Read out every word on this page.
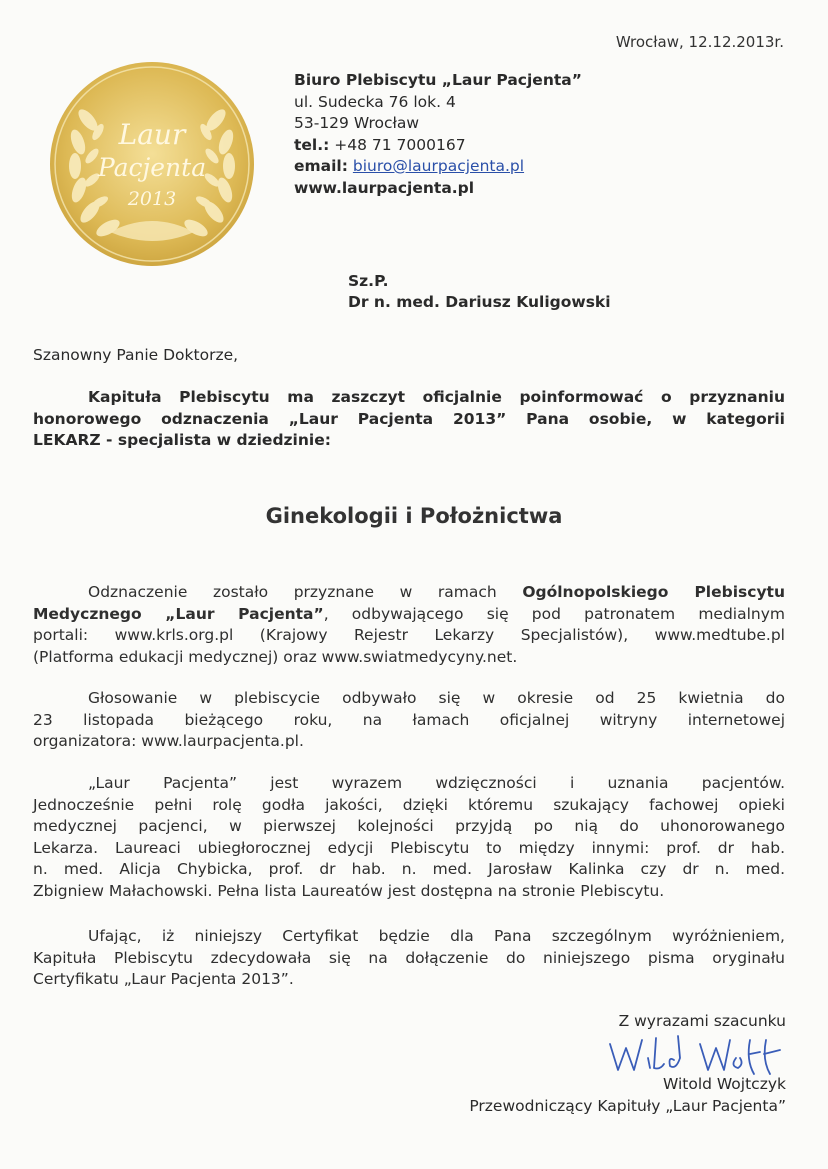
Wrocław, 12.12.2013r.
Laur
Pacjenta
2013
Biuro Plebiscytu „Laur Pacjenta”
ul. Sudecka 76 lok. 4
53-129 Wrocław
tel.: +48 71 7000167
email: biuro@laurpacjenta.pl
www.laurpacjenta.pl
Sz.P.
Dr n. med. Dariusz Kuligowski
Szanowny Panie Doktorze,
Kapituła Plebiscytu ma zaszczyt oficjalnie poinformować o przyznaniu
honorowego odznaczenia „Laur Pacjenta 2013” Pana osobie, w kategorii
LEKARZ - specjalista w dziedzinie:
Ginekologii i Położnictwa
Odznaczenie zostało przyznane w ramach Ogólnopolskiego Plebiscytu
Medycznego „Laur Pacjenta”, odbywającego się pod patronatem medialnym
portali: www.krls.org.pl (Krajowy Rejestr Lekarzy Specjalistów), www.medtube.pl
(Platforma edukacji medycznej) oraz www.swiatmedycyny.net.
Głosowanie w plebiscycie odbywało się w okresie od 25 kwietnia do
23 listopada bieżącego roku, na łamach oficjalnej witryny internetowej
organizatora: www.laurpacjenta.pl.
„Laur Pacjenta” jest wyrazem wdzięczności i uznania pacjentów.
Jednocześnie pełni rolę godła jakości, dzięki któremu szukający fachowej opieki
medycznej pacjenci, w pierwszej kolejności przyjdą po nią do uhonorowanego
Lekarza. Laureaci ubiegłorocznej edycji Plebiscytu to między innymi: prof. dr hab.
n. med. Alicja Chybicka, prof. dr hab. n. med. Jarosław Kalinka czy dr n. med.
Zbigniew Małachowski. Pełna lista Laureatów jest dostępna na stronie Plebiscytu.
Ufając, iż niniejszy Certyfikat będzie dla Pana szczególnym wyróżnieniem,
Kapituła Plebiscytu zdecydowała się na dołączenie do niniejszego pisma oryginału
Certyfikatu „Laur Pacjenta 2013”.
Z wyrazami szacunku
Witold Wojtczyk
Przewodniczący Kapituły „Laur Pacjenta”
